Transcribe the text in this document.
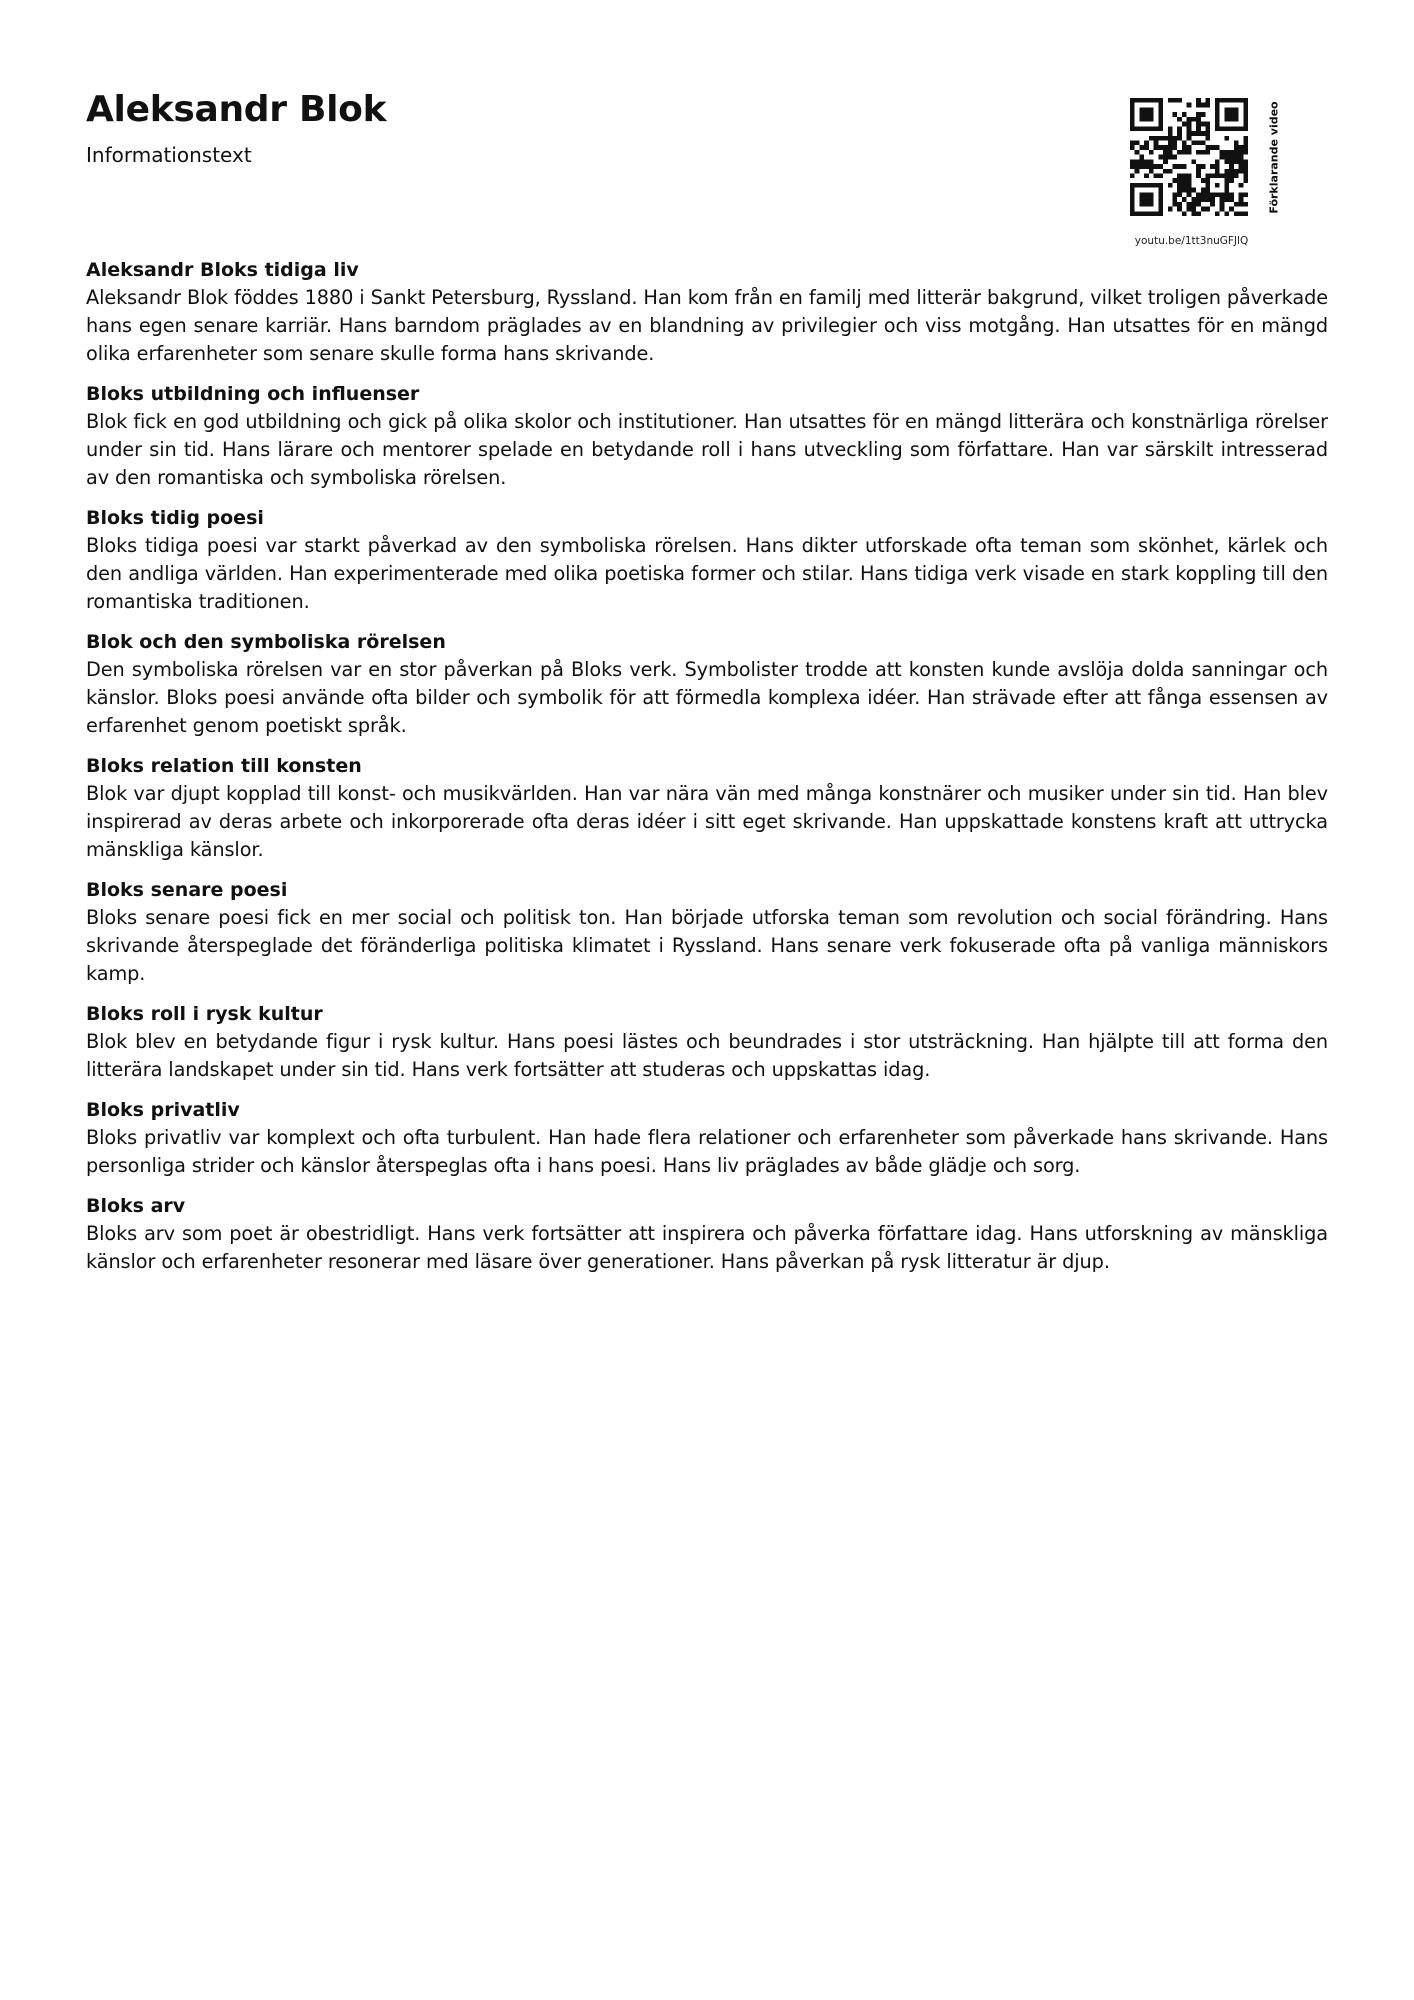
Aleksandr Blok
Informationstext
youtu.be/1tt3nuGFJlQ
Förklarande video
Aleksandr Bloks tidiga liv

Aleksandr Blok föddes 1880 i Sankt Petersburg, Ryssland. Han kom från en familj med litterär bakgrund, vilket troligen påverkade hans egen senare karriär. Hans barndom präglades av en blandning av privilegier och viss motgång. Han utsattes för en mängd olika erfarenheter som senare skulle forma hans skrivande.

Bloks utbildning och influenser

Blok fick en god utbildning och gick på olika skolor och institutioner. Han utsattes för en mängd litterära och konstnärliga rörelser under sin tid. Hans lärare och mentorer spelade en betydande roll i hans utveckling som författare. Han var särskilt intresserad av den romantiska och symboliska rörelsen.

Bloks tidig poesi

Bloks tidiga poesi var starkt påverkad av den symboliska rörelsen. Hans dikter utforskade ofta teman som skönhet, kärlek och den andliga världen. Han experimenterade med olika poetiska former och stilar. Hans tidiga verk visade en stark koppling till den romantiska traditionen.

Blok och den symboliska rörelsen

Den symboliska rörelsen var en stor påverkan på Bloks verk. Symbolister trodde att konsten kunde avslöja dolda sanningar och känslor. Bloks poesi använde ofta bilder och symbolik för att förmedla komplexa idéer. Han strävade efter att fånga essensen av erfarenhet genom poetiskt språk.

Bloks relation till konsten

Blok var djupt kopplad till konst- och musikvärlden. Han var nära vän med många konstnärer och musiker under sin tid. Han blev inspirerad av deras arbete och inkorporerade ofta deras idéer i sitt eget skrivande. Han uppskattade konstens kraft att uttrycka mänskliga känslor.

Bloks senare poesi

Bloks senare poesi fick en mer social och politisk ton. Han började utforska teman som revolution och social förändring. Hans skrivande återspeglade det föränderliga politiska klimatet i Ryssland. Hans senare verk fokuserade ofta på vanliga människors kamp.

Bloks roll i rysk kultur

Blok blev en betydande figur i rysk kultur. Hans poesi lästes och beundrades i stor utsträckning. Han hjälpte till att forma den litterära landskapet under sin tid. Hans verk fortsätter att studeras och uppskattas idag.

Bloks privatliv

Bloks privatliv var komplext och ofta turbulent. Han hade flera relationer och erfarenheter som påverkade hans skrivande. Hans personliga strider och känslor återspeglas ofta i hans poesi. Hans liv präglades av både glädje och sorg.

Bloks arv

Bloks arv som poet är obestridligt. Hans verk fortsätter att inspirera och påverka författare idag. Hans utforskning av mänskliga känslor och erfarenheter resonerar med läsare över generationer. Hans påverkan på rysk litteratur är djup.
